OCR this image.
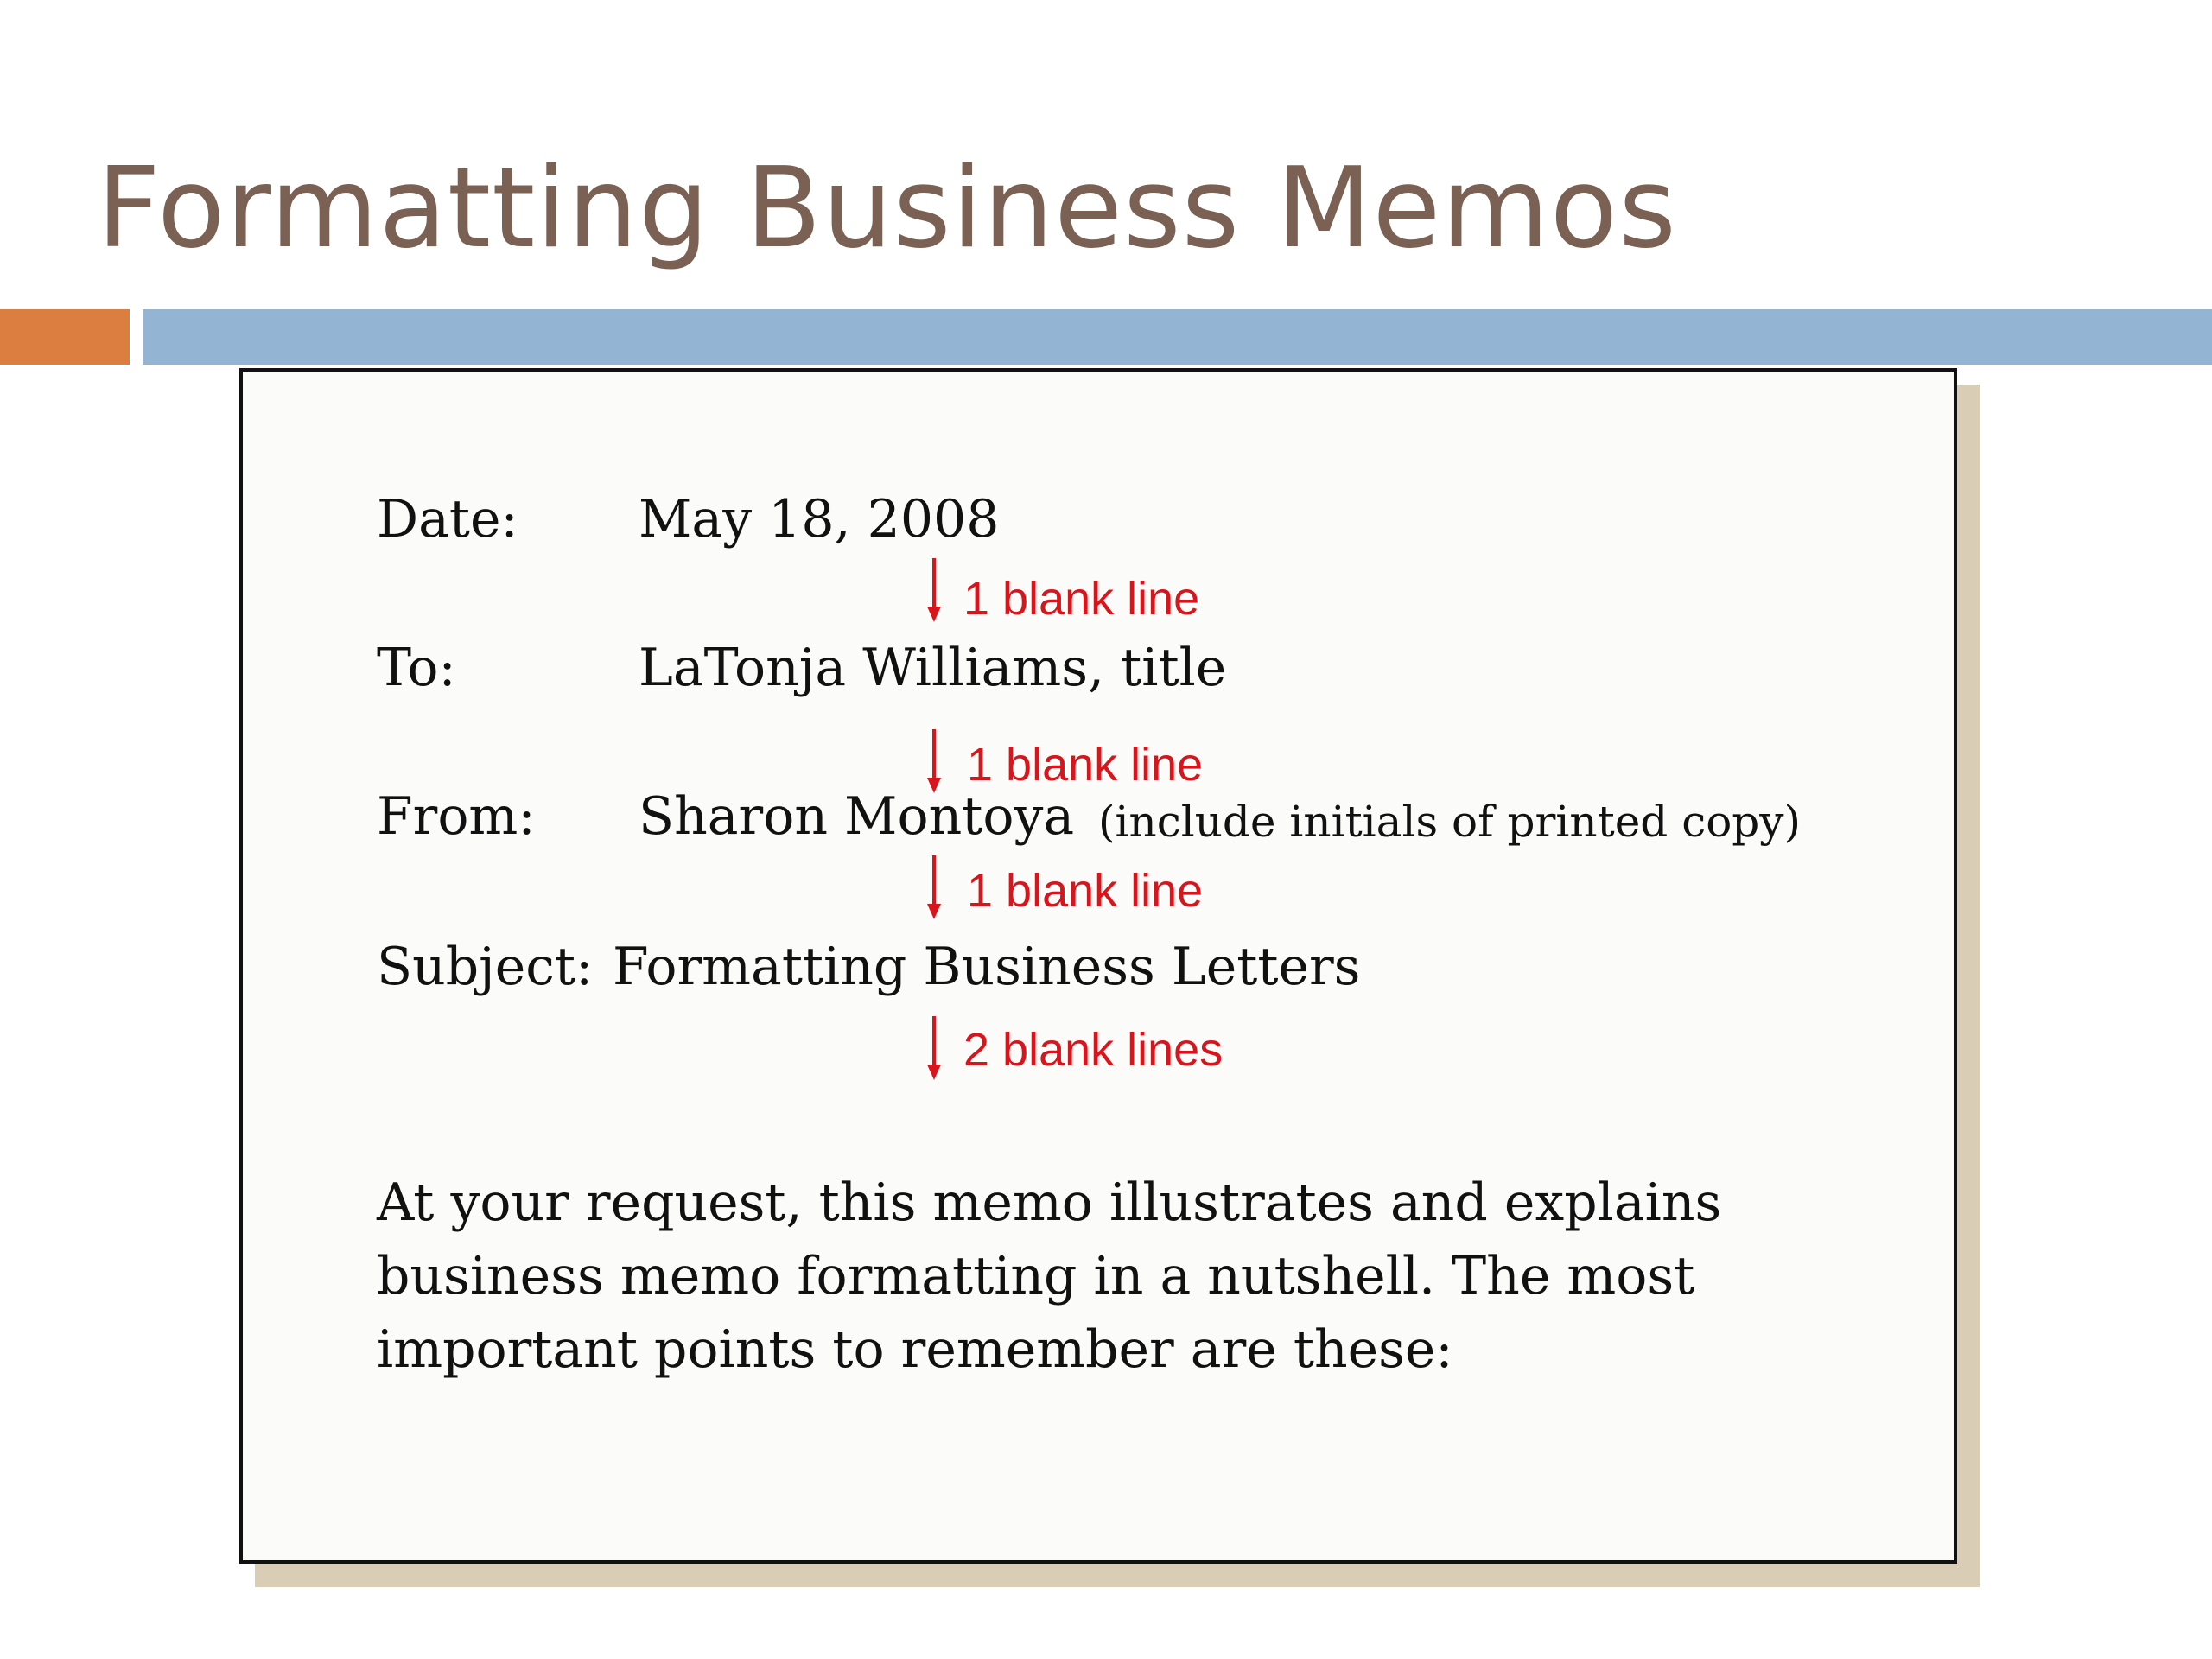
Formatting Business Memos
Date: May 18, 2008
1 blank line
To:	LaTonja Williams, title
1 blank line
From: Sharon Montoya (include initials of printed copy)
1 blank line
Subject: Formatting Business Letters
2 blank lines

At your request, this memo illustrates and explains
business memo formatting in a nutshell. The most
important points to remember are these:
